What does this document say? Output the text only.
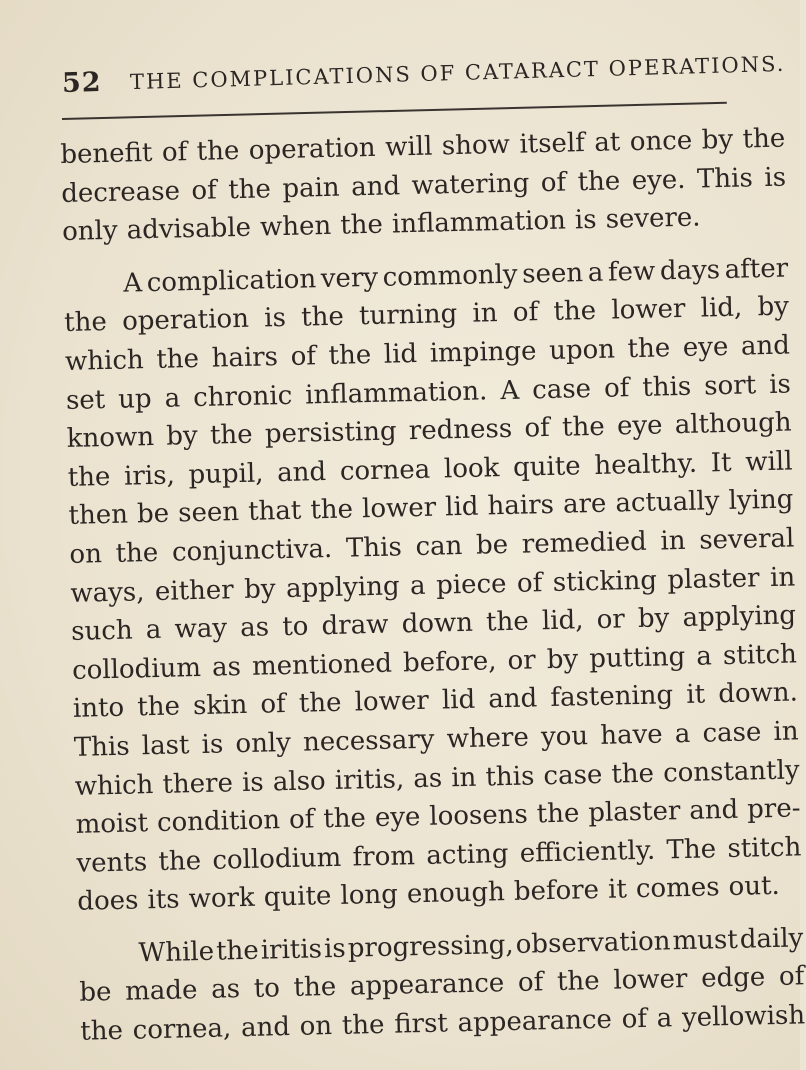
52 THE COMPLICATIONS OF CATARACT OPERATIONS.
benefit of the operation will show itself at once by the
decrease of the pain and watering of the eye. This is
only advisable when the inflammation is severe.
A complication very commonly seen a few days after
the operation is the turning in of the lower lid, by
which the hairs of the lid impinge upon the eye and
set up a chronic inflammation. A case of this sort is
known by the persisting redness of the eye although
the iris, pupil, and cornea look quite healthy. It will
then be seen that the lower lid hairs are actually lying
on the conjunctiva. This can be remedied in several
ways, either by applying a piece of sticking plaster in
such a way as to draw down the lid, or by applying
collodium as mentioned before, or by putting a stitch
into the skin of the lower lid and fastening it down.
This last is only necessary where you have a case in
which there is also iritis, as in this case the constantly
moist condition of the eye loosens the plaster and pre-
vents the collodium from acting efficiently. The stitch
does its work quite long enough before it comes out.
While the iritis is progressing, observation must daily
be made as to the appearance of the lower edge of
the cornea, and on the first appearance of a yellowish
